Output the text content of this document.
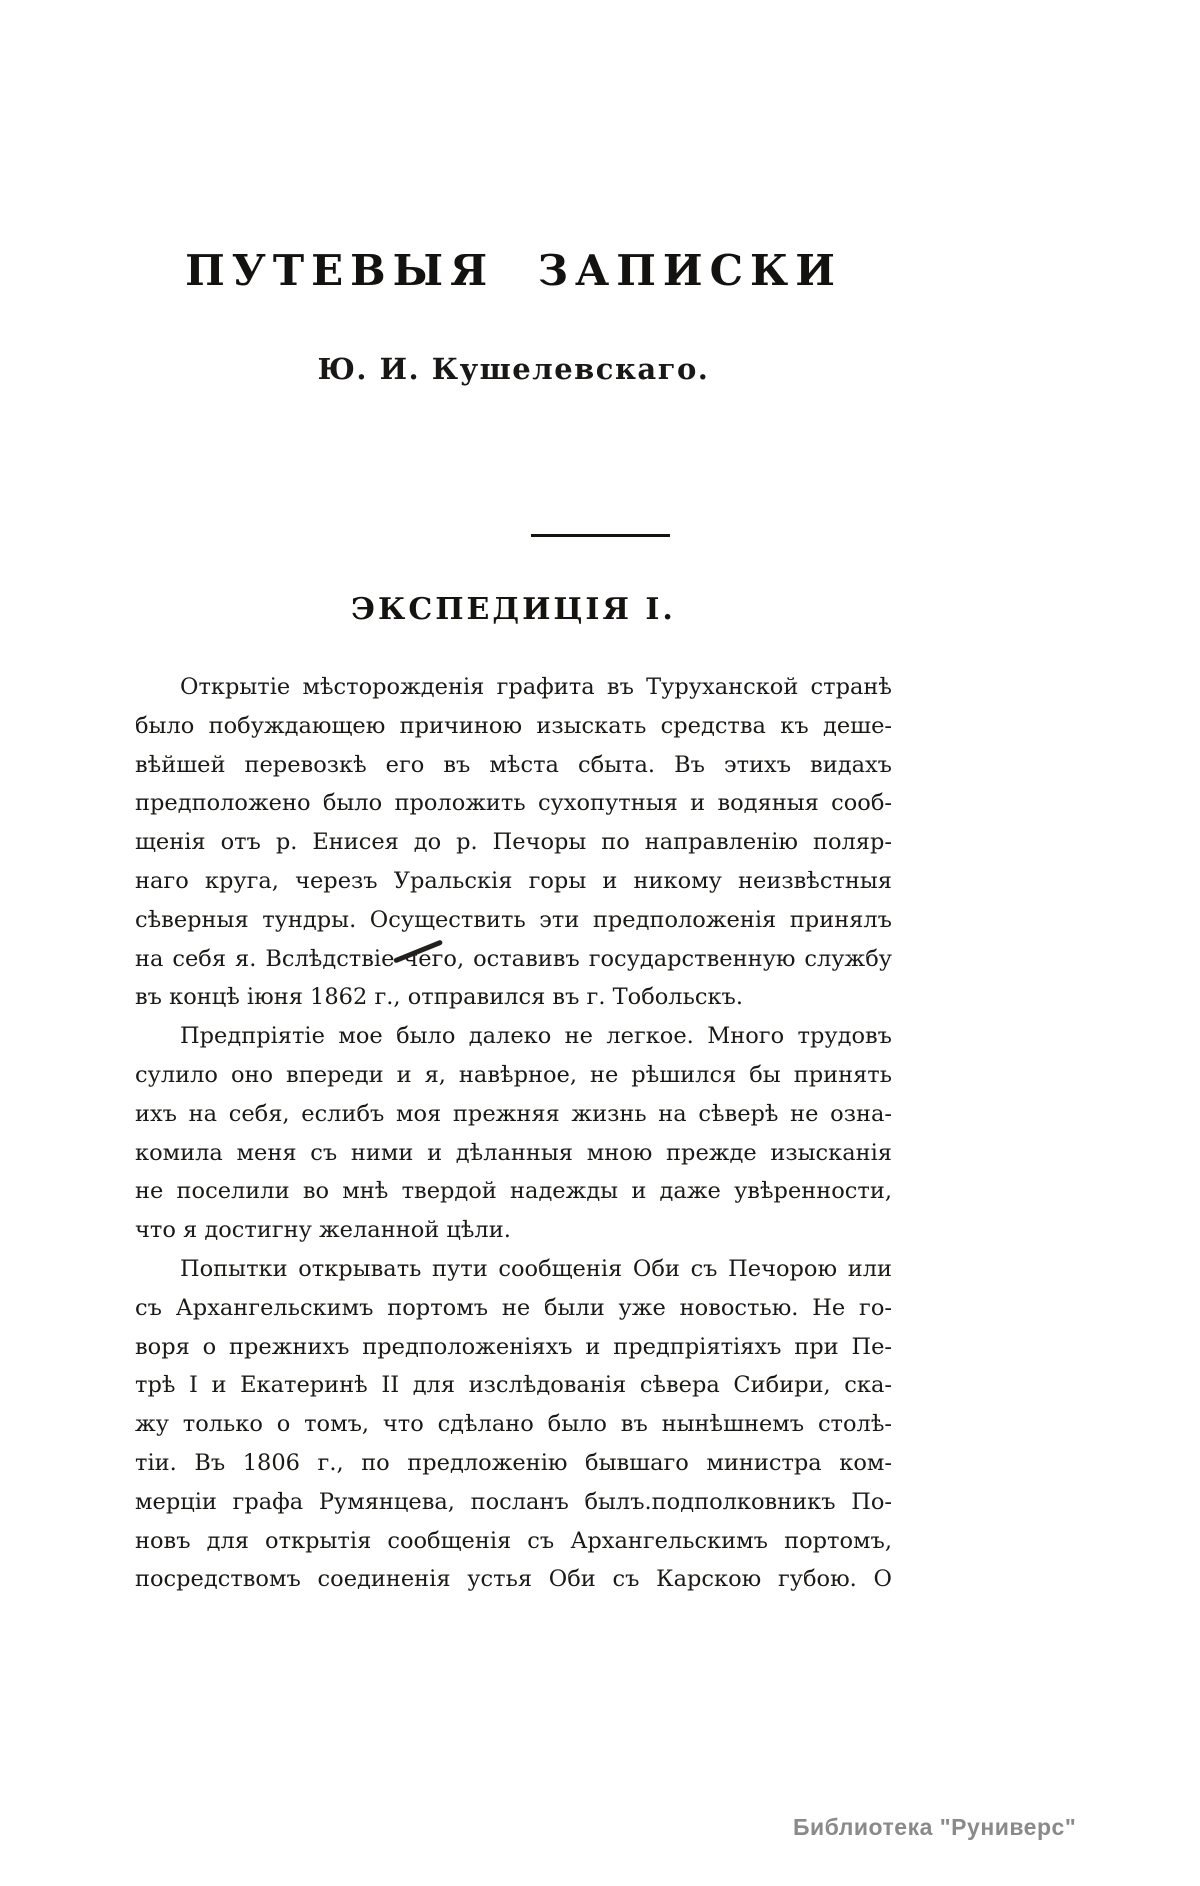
ПУТЕВЫЯ ЗАПИСКИ
Ю. И. Кушелевскаго.
ЭКСПЕДИЦІЯ I.
Открытіе мѣсторожденія графита въ Туруханской странѣ
было побуждающею причиною изыскать средства къ деше-
вѣйшей перевозкѣ его въ мѣста сбыта. Въ этихъ видахъ
предположено было проложить сухопутныя и водяныя сооб-
щенія отъ р. Енисея до р. Печоры по направленію поляр-
наго круга, черезъ Уральскія горы и никому неизвѣстныя
сѣверныя тундры. Осуществить эти предположенія принялъ
на себя я. Вслѣдствіе чего, оставивъ государственную службу
въ концѣ іюня 1862 г., отправился въ г. Тобольскъ.
Предпріятіе мое было далеко не легкое. Много трудовъ
сулило оно впереди и я, навѣрное, не рѣшился бы принять
ихъ на себя, еслибъ моя прежняя жизнь на сѣверѣ не озна-
комила меня съ ними и дѣланныя мною прежде изысканія
не поселили во мнѣ твердой надежды и даже увѣренности,
что я достигну желанной цѣли.
Попытки открывать пути сообщенія Оби съ Печорою или
съ Архангельскимъ портомъ не были уже новостью. Не го-
воря о прежнихъ предположеніяхъ и предпріятіяхъ при Пе-
трѣ I и Екатеринѣ II для изслѣдованія сѣвера Сибири, ска-
жу только о томъ, что сдѣлано было въ нынѣшнемъ столѣ-
тіи. Въ 1806 г., по предложенію бывшаго министра ком-
мерціи графа Румянцева, посланъ былъ.подполковникъ По-
новъ для открытія сообщенія съ Архангельскимъ портомъ,
посредствомъ соединенія устья Оби съ Карскою губою. О
Библиотека "Руниверс"
